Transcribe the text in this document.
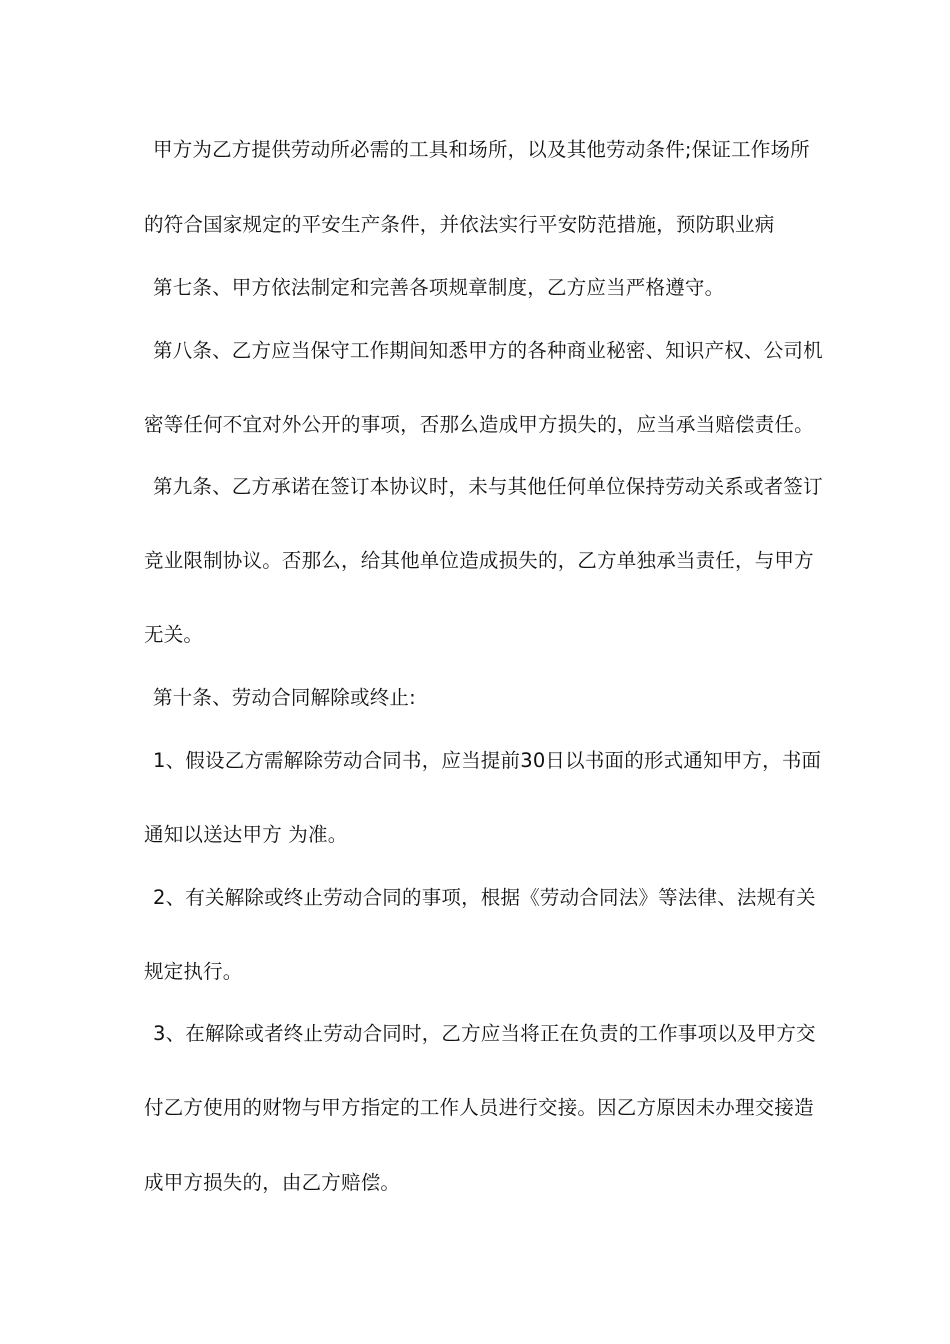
甲方为乙方提供劳动所必需的工具和场所，以及其他劳动条件;保证工作场所
的符合国家规定的平安生产条件，并依法实行平安防范措施，预防职业病
第七条、甲方依法制定和完善各项规章制度，乙方应当严格遵守。
第八条、乙方应当保守工作期间知悉甲方的各种商业秘密、知识产权、公司机
密等任何不宜对外公开的事项，否那么造成甲方损失的，应当承当赔偿责任。
第九条、乙方承诺在签订本协议时，未与其他任何单位保持劳动关系或者签订
竞业限制协议。否那么，给其他单位造成损失的，乙方单独承当责任，与甲方
无关。
第十条、劳动合同解除或终止:
1、假设乙方需解除劳动合同书，应当提前30日以书面的形式通知甲方，书面
通知以送达甲方 为准。
2、有关解除或终止劳动合同的事项，根据《劳动合同法》等法律、法规有关
规定执行。
3、在解除或者终止劳动合同时，乙方应当将正在负责的工作事项以及甲方交
付乙方使用的财物与甲方指定的工作人员进行交接。因乙方原因未办理交接造
成甲方损失的，由乙方赔偿。
